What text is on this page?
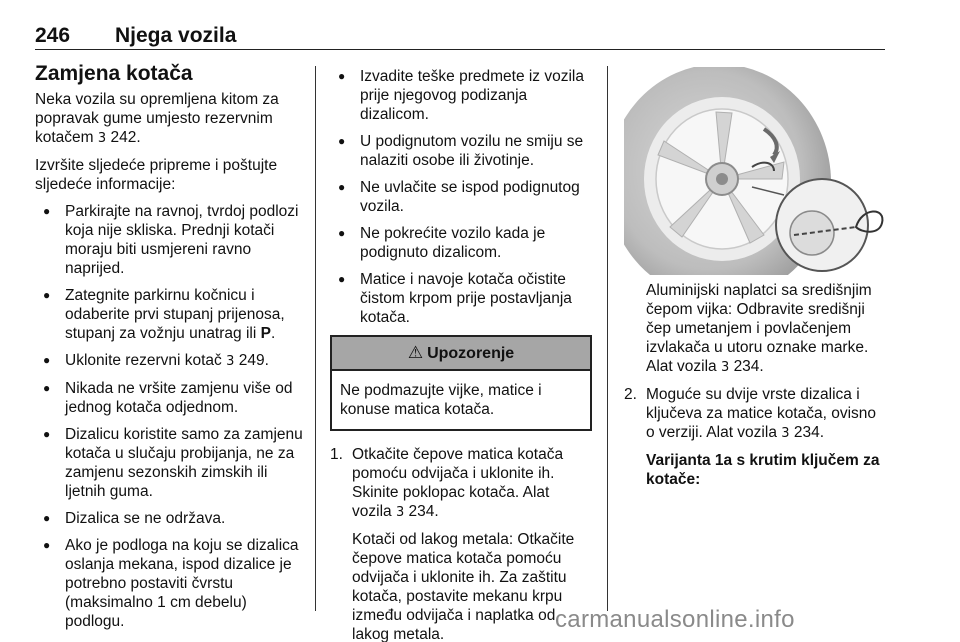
246 Njega vozila
Zamjena kotača

Neka vozila su opremljena kitom za popravak gume umjesto rezervnim kotačem 3 242.

Izvršite sljedeće pripreme i poštujte sljedeće informacije:

● Parkirajte na ravnoj, tvrdoj podlozi koja nije skliska. Prednji kotači moraju biti usmjereni ravno naprijed.
● Zategnite parkirnu kočnicu i odaberite prvi stupanj prijenosa, stupanj za vožnju unatrag ili P.
● Uklonite rezervni kotač 3 249.
● Nikada ne vršite zamjenu više od jednog kotača odjednom.
● Dizalicu koristite samo za zamjenu kotača u slučaju probijanja, ne za zamjenu sezonskih zimskih ili ljetnih guma.
● Dizalica se ne održava.
● Ako je podloga na koju se dizalica oslanja mekana, ispod dizalice je potrebno postaviti čvrstu (maksimalno 1 cm debelu) podlogu.
● Izvadite teške predmete iz vozila prije njegovog podizanja dizalicom.
● U podignutom vozilu ne smiju se nalaziti osobe ili životinje.
● Ne uvlačite se ispod podignutog vozila.
● Ne pokrećite vozilo kada je podignuto dizalicom.
● Matice i navoje kotača očistite čistom krpom prije postavljanja kotača.
⚠ Upozorenje
Ne podmazujte vijke, matice i konuse matica kotača.
1. Otkačite čepove matica kotača pomoću odvijača i uklonite ih. Skinite poklopac kotača. Alat vozila 3 234.

Kotači od lakog metala: Otkačite čepove matica kotača pomoću odvijača i uklonite ih. Za zaštitu kotača, postavite mekanu krpu između odvijača i naplatka od lakog metala.

Aluminijski naplatci sa središnjim čepom vijka: Odbravite središnji čep umetanjem i povlačenjem izvlakača u utoru oznake marke. Alat vozila 3 234.

2. Moguće su dvije vrste dizalica i ključeva za matice kotača, ovisno o verziji. Alat vozila 3 234.

Varijanta 1a s krutim ključem za kotače:

carmanualsonline.info
